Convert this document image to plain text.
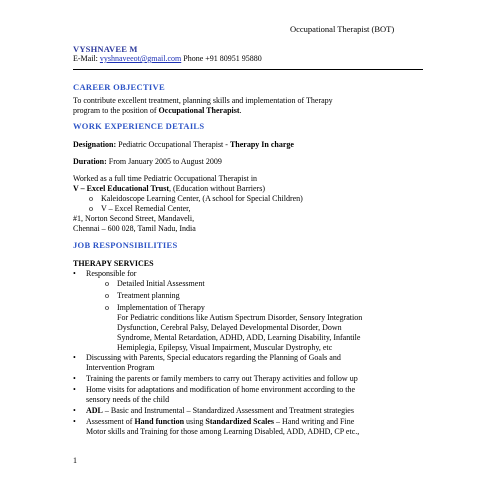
Occupational Therapist (BOT)
VYSHNAVEE M
E-Mail: vyshnaveeot@gmail.com Phone +91 80951 95880
CAREER OBJECTIVE
To contribute excellent treatment, planning skills and implementation of Therapy
program to the position of Occupational Therapist.
WORK EXPERIENCE DETAILS
Designation: Pediatric Occupational Therapist - Therapy In charge
Duration: From January 2005 to August 2009
Worked as a full time Pediatric Occupational Therapist in
V – Excel Educational Trust, (Education without Barriers)
o Kaleidoscope Learning Center, (A school for Special Children)
o V – Excel Remedial Center,
#1, Norton Second Street, Mandaveli,
Chennai – 600 028, Tamil Nadu, India
JOB RESPONSIBILITIES
THERAPY SERVICES
• Responsible for
o Detailed Initial Assessment
o Treatment planning
o Implementation of Therapy
For Pediatric conditions like Autism Spectrum Disorder, Sensory Integration
Dysfunction, Cerebral Palsy, Delayed Developmental Disorder, Down
Syndrome, Mental Retardation, ADHD, ADD, Learning Disability, Infantile
Hemiplegia, Epilepsy, Visual Impairment, Muscular Dystrophy, etc
• Discussing with Parents, Special educators regarding the Planning of Goals and
Intervention Program
• Training the parents or family members to carry out Therapy activities and follow up
• Home visits for adaptations and modification of home environment according to the
sensory needs of the child
• ADL – Basic and Instrumental – Standardized Assessment and Treatment strategies
• Assessment of Hand function using Standardized Scales – Hand writing and Fine
Motor skills and Training for those among Learning Disabled, ADD, ADHD, CP etc.,
1
